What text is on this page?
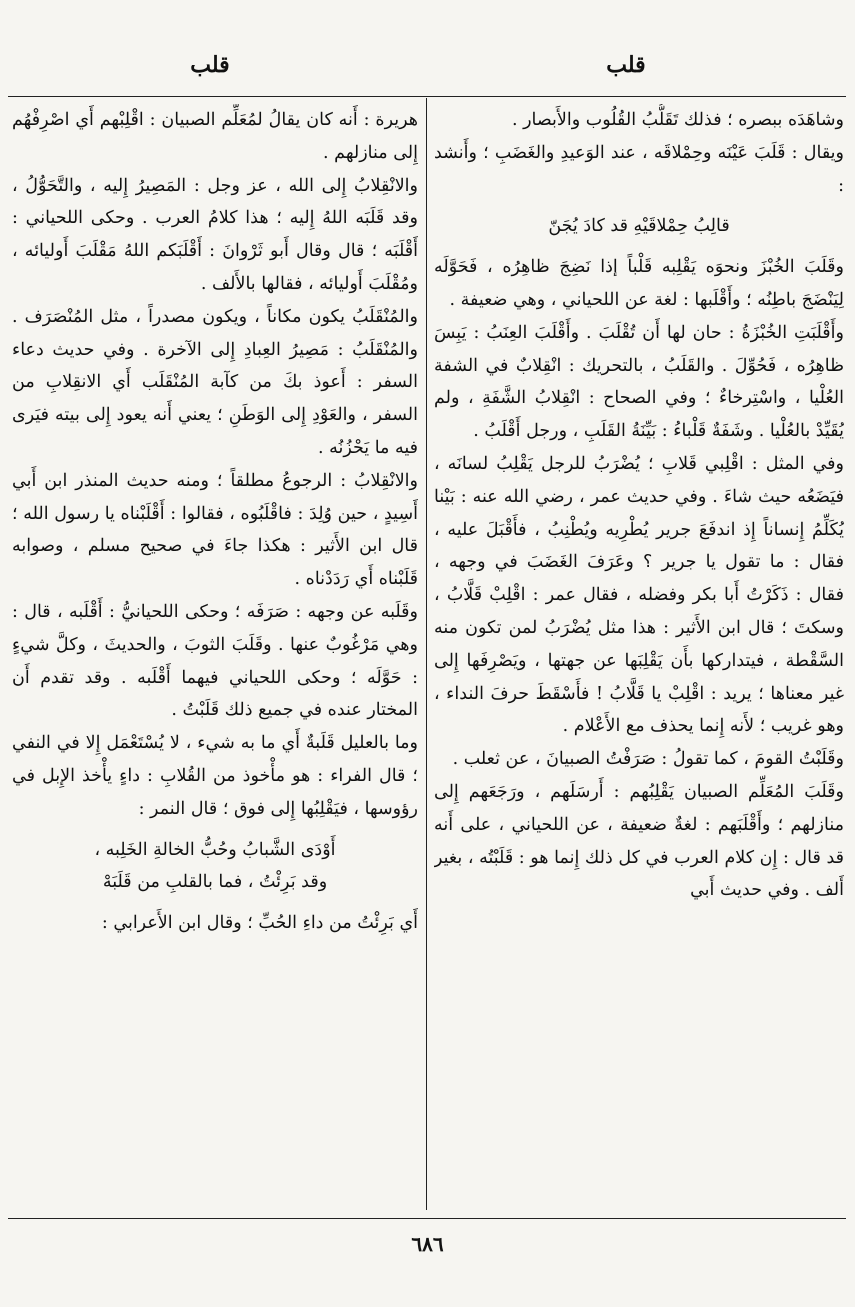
قلب
قلب

وشاهَدَه ببصره ؛ فذلك تَقَلُّبُ القُلُوب والأَبصار .

ويقال : قَلَبَ عَيْنَه وحِمْلاقَه ، عند الوَعيدِ والغَضَبِ ؛ وأَنشد :

قالِبُ حِمْلاقَيْهِ قد كادَ يُجَنّ

وقَلَبَ الخُبْزَ ونحوَه يَقْلِبه قَلْباً إذا نَضِجَ ظاهِرُه ، فَحَوَّلَه لِيَنْضَجَ باطِنُه ؛ وأَقْلَبها : لغة عن اللحياني ، وهي ضعيفة .

وأَقْلَبَتِ الخُبْزَةُ : حان لها أَن تُقْلَبَ . وأَقْلَبَ العِنَبُ : يَبِسَ ظاهِرُه ، فَحُوِّلَ . والقَلَبُ ، بالتحريك : انْقِلابٌ في الشفة العُلْيا ، واسْتِرخاءٌ ؛ وفي الصحاح : انْقِلابُ الشَّفَةِ ، ولم يُقَيِّدْ بالعُلْيا . وشَفَةٌ قَلْباءُ : بَيِّنَةُ القَلَبِ ، ورجل أَقْلَبُ .

وفي المثل : اقْلِبي قَلابِ ؛ يُضْرَبُ للرجل يَقْلِبُ لسانَه ، فيَضَعُه حيث شاءَ . وفي حديث عمر ، رضي الله عنه : بَيْنا يُكَلِّمُ إِنساناً إِذ اندفَعَ جرير يُطْرِيه ويُطْنِبُ ، فأَقْبَلَ عليه ، فقال : ما تقول يا جرير ؟ وعَرَفَ الغَضَبَ في وجهه ، فقال : ذَكَرْتُ أَبا بكر وفضله ، فقال عمر : اقْلِبْ قَلَّابُ ، وسكتَ ؛ قال ابن الأَثير : هذا مثل يُضْرَبُ لمن تكون منه السَّقْطة ، فيتداركها بأَن يَقْلِبَها عن جهتها ، ويَصْرِفَها إِلى غير معناها ؛ يريد : اقْلِبْ يا قَلَّابُ ! فأَسْقَطَ حرفَ النداء ، وهو غريب ؛ لأَنه إِنما يحذف مع الأَعْلام .

وقَلَبْتُ القومَ ، كما تقولُ : صَرَفْتُ الصبيانَ ، عن ثعلب .

وقَلَبَ المُعَلِّم الصبيان يَقْلِبُهم : أَرسَلَهم ، ورَجَعَهم إِلى منازلهم ؛ وأَقْلَبَهم : لغةٌ ضعيفة ، عن اللحياني ، على أَنه قد قال : إِن كلام العرب في كل ذلك إِنما هو : قَلَبْتُه ، بغير أَلف . وفي حديث أَبي

هريرة : أَنه كان يقالُ لمُعَلِّم الصبيان : اقْلِبْهم أَي اصْرِفْهُم إِلى منازلهم .

والانْقِلابُ إِلى الله ، عز وجل : المَصِيرُ إِليه ، والتَّحَوُّلُ ، وقد قَلَبَه اللهُ إِليه ؛ هذا كلامُ العرب . وحكى اللحياني : أَقْلَبَه ؛ قال وقال أَبو ثَرْوانَ : أَقْلَبَكم اللهُ مَقْلَبَ أَوليائه ، ومُقْلَبَ أَوليائه ، فقالها بالأَلف .

والمُنْقَلَبُ يكون مكاناً ، ويكون مصدراً ، مثل المُنْصَرَف . والمُنْقَلَبُ : مَصِيرُ العِبادِ إِلى الآخرة . وفي حديث دعاء السفر : أَعوذ بكَ من كآبة المُنْقَلَب أَي الانقِلابِ من السفر ، والعَوْدِ إِلى الوَطَنِ ؛ يعني أَنه يعود إِلى بيته فيَرى فيه ما يَحْزُنُه .

والانْقِلابُ : الرجوعُ مطلقاً ؛ ومنه حديث المنذر ابن أَبي أَسِيدٍ ، حين وُلِدَ : فاقْلَبُوه ، فقالوا : أَقْلَبْناه يا رسول الله ؛ قال ابن الأَثير : هكذا جاءَ في صحيح مسلم ، وصوابه قَلَبْناه أَي رَدَدْناه .

وقَلَبه عن وجهه : صَرَفَه ؛ وحكى اللحيانيُّ : أَقْلَبه ، قال : وهي مَرْغُوبٌ عنها . وقَلَبَ الثوبَ ، والحديثَ ، وكلَّ شيءٍ : حَوَّلَه ؛ وحكى اللحياني فيهما أَقْلَبه . وقد تقدم أَن المختار عنده في جميع ذلك قَلَبْتُ .

وما بالعليل قَلَبةٌ أَي ما به شيء ، لا يُسْتَعْمَل إِلا في النفي ؛ قال الفراء : هو مأْخوذ من القُلابِ : داءٍ يأْخذ الإِبل في رؤوسها ، فيَقْلِبُها إِلى فوق ؛ قال النمر :

أَوْدَى الشَّبابُ وحُبُّ الخالةِ الخَلِبه ،

وقد بَرِئْتُ ، فما بالقلبِ من قَلَبَهْ

أَي بَرِئْتُ من داءِ الحُبِّ ؛ وقال ابن الأَعرابي :

٦٨٦
